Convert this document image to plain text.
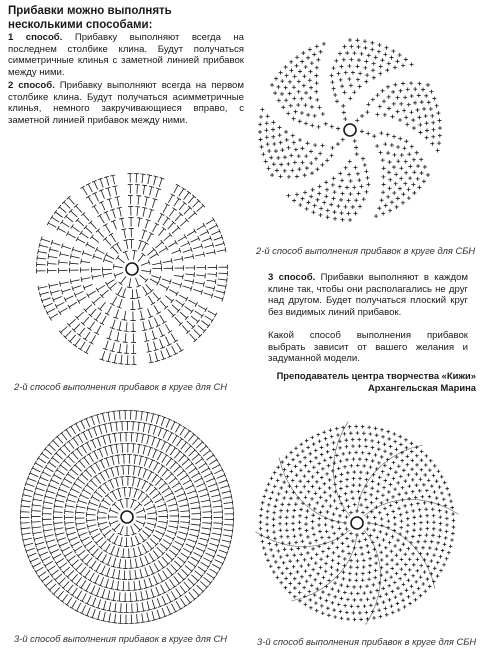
Прибавки можно выполнять несколькими способами:
1 способ. Прибавку выполняют всегда на последнем столбике клина. Будут получаться симметричные клинья с заметной линией прибавок между ними.
2 способ. Прибавку выполняют всегда на первом столбике клина. Будут получаться асимметричные клинья, немного закручивающиеся вправо, с заметной линией прибавок между ними.
3 способ. Прибавки выполняют в каждом клине так, чтобы они располагались не друг над другом. Будет получаться плоский круг без видимых линий прибавок.
Какой способ выполнения прибавок выбрать зависит от вашего желания и задуманной модели.
Преподаватель центра творчества «Кижи»
Архангельская Марина
2-й способ выполнения прибавок в круге для СБН
2-й способ выполнения прибавок в круге для СН
3-й способ выполнения прибавок в круге для СН	3-й способ выполнения прибавок в круге для СБН
